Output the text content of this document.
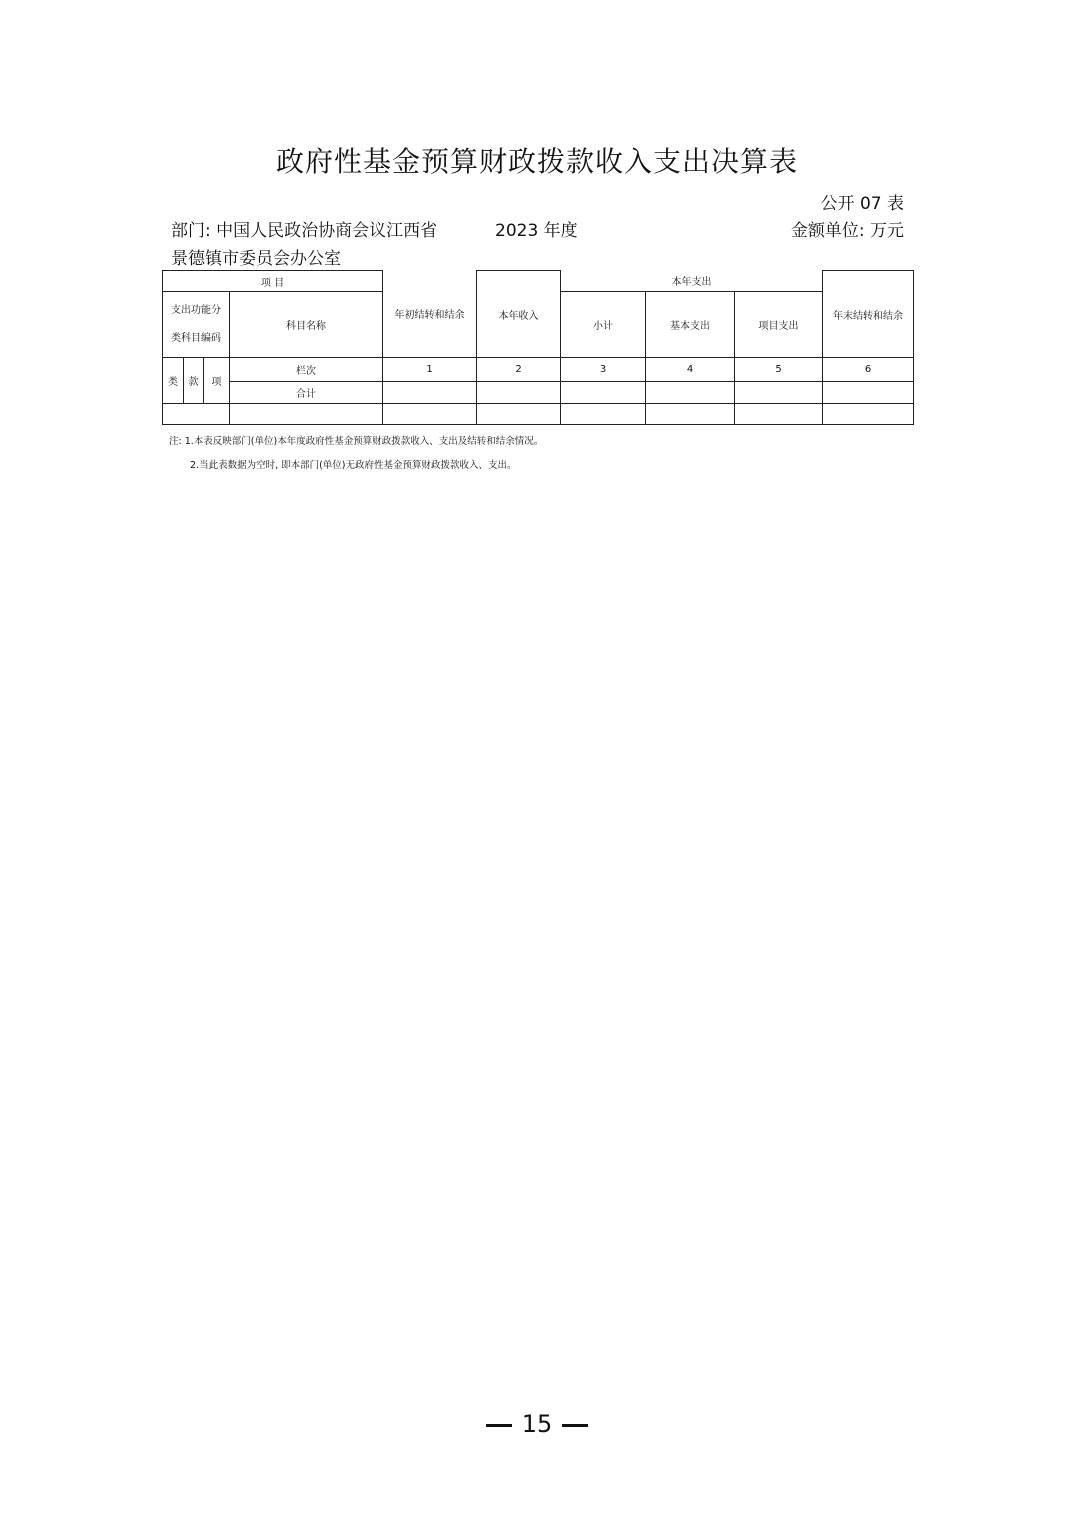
政府性基金预算财政拨款收入支出决算表
公开 07 表
部门: 中国人民政治协商会议江西省景德镇市委员会办公室
2023 年度	金额单位: 万元
项 目				年初结转和结余	本年收入	本年支出			年末结转和结余

支出功能分
类科目编码			科目名称			小计	基本支出	项目支出	
类	款	项	栏次	1	2	3	4	5	6
			合计						

注: 1.本表反映部门(单位)本年度政府性基金预算财政拨款收入、支出及结转和结余情况。
2.当此表数据为空时, 即本部门(单位)无政府性基金预算财政拨款收入、支出。
15
